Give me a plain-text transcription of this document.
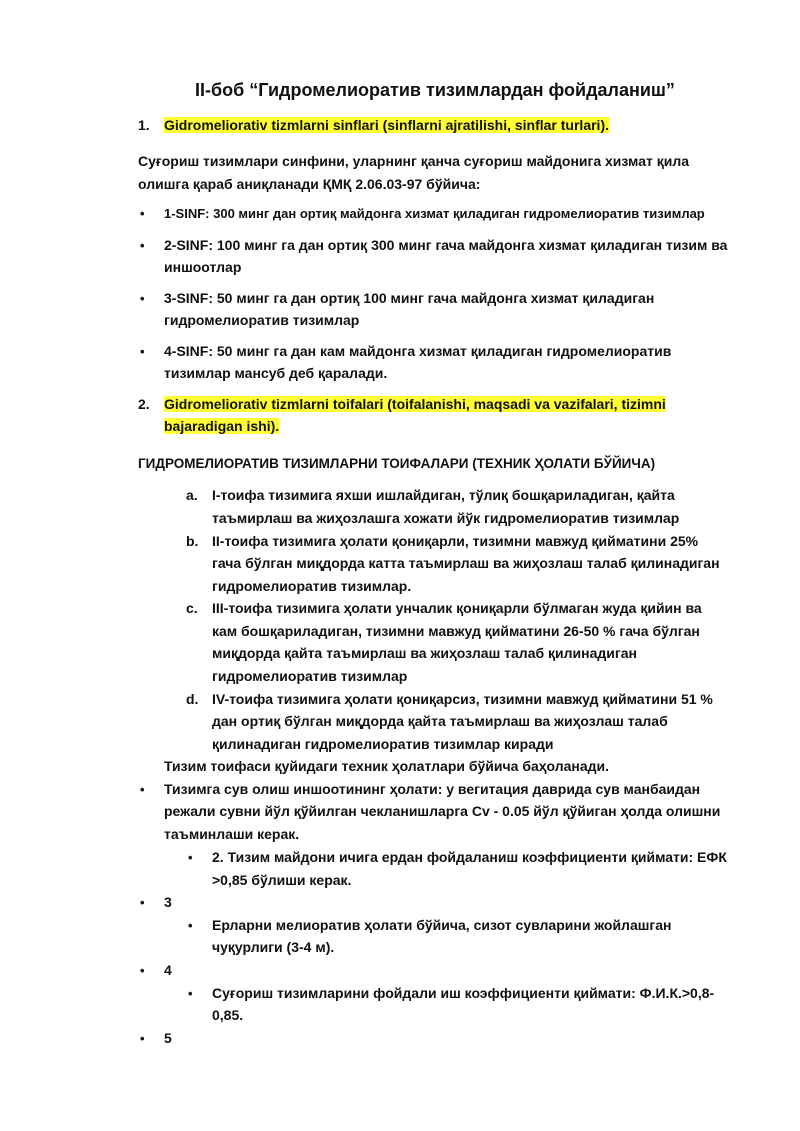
II-боб “Гидромелиоратив тизимлардан фойдаланиш”
1. Gidromeliorativ tizmlarni sinflari (sinflarni ajratilishi, sinflar turlari).
Суғориш тизимлари синфини, уларнинг қанча суғориш майдонига хизмат қила
олишга қараб аниқланади ҚМҚ 2.06.03-97 бўйича:
• 1-SINF: 300 минг дан ортиқ майдонга хизмат қиладиган гидромелиоратив тизимлар
• 2-SINF: 100 минг га дан ортиқ 300 минг гача майдонга хизмат қиладиган тизим ва
иншоотлар
• 3-SINF: 50 минг га дан ортиқ 100 минг гача майдонга хизмат қиладиган
гидромелиоратив тизимлар
• 4-SINF: 50 минг га дан кам майдонга хизмат қиладиган гидромелиоратив
тизимлар мансуб деб қаралади.
2. Gidromeliorativ tizmlarni toifalari (toifalanishi, maqsadi va vazifalari, tizimni
bajaradigan ishi).
ГИДРОМЕЛИОРАТИВ ТИЗИМЛАРНИ ТОИФАЛАРИ (ТЕХНИК ҲОЛАТИ БЎЙИЧА)
a. I-тоифа тизимига яхши ишлайдиган, тўлиқ бошқариладиган, қайта
таъмирлаш ва жиҳозлашга хожати йўк гидромелиоратив тизимлар
b. II-тоифа тизимига ҳолати қониқарли, тизимни мавжуд қийматини 25%
гача бўлган миқдорда катта таъмирлаш ва жиҳозлаш талаб қилинадиган
гидромелиоратив тизимлар.
c. III-тоифа тизимига ҳолати унчалик қониқарли бўлмаган жуда қийин ва
кам бошқариладиган, тизимни мавжуд қийматини 26-50 % гача бўлган
миқдорда қайта таъмирлаш ва жиҳозлаш талаб қилинадиган
гидромелиоратив тизимлар
d. IV-тоифа тизимига ҳолати қониқарсиз, тизимни мавжуд қийматини 51 %
дан ортиқ бўлган миқдорда қайта таъмирлаш ва жиҳозлаш талаб
қилинадиган гидромелиоратив тизимлар киради
Тизим тоифаси қуйидаги техник ҳолатлари бўйича баҳоланади.
• Тизимга сув олиш иншоотининг ҳолати: у вегитация даврида сув манбаидан
режали сувни йўл қўйилган чекланишларга Cv - 0.05 йўл қўйиган ҳолда олишни
таъминлаши керак.
• 2. Тизим майдони ичига ердан фойдаланиш коэффициенти қиймати: ЕФК
>0,85 бўлиши керак.
• 3
• Ерларни мелиоратив ҳолати бўйича, сизот сувларини жойлашган
чуқурлиги (3-4 м).
• 4
• Суғориш тизимларини фойдали иш коэффициенти қиймати: Ф.И.К.>0,8-
0,85.
• 5
